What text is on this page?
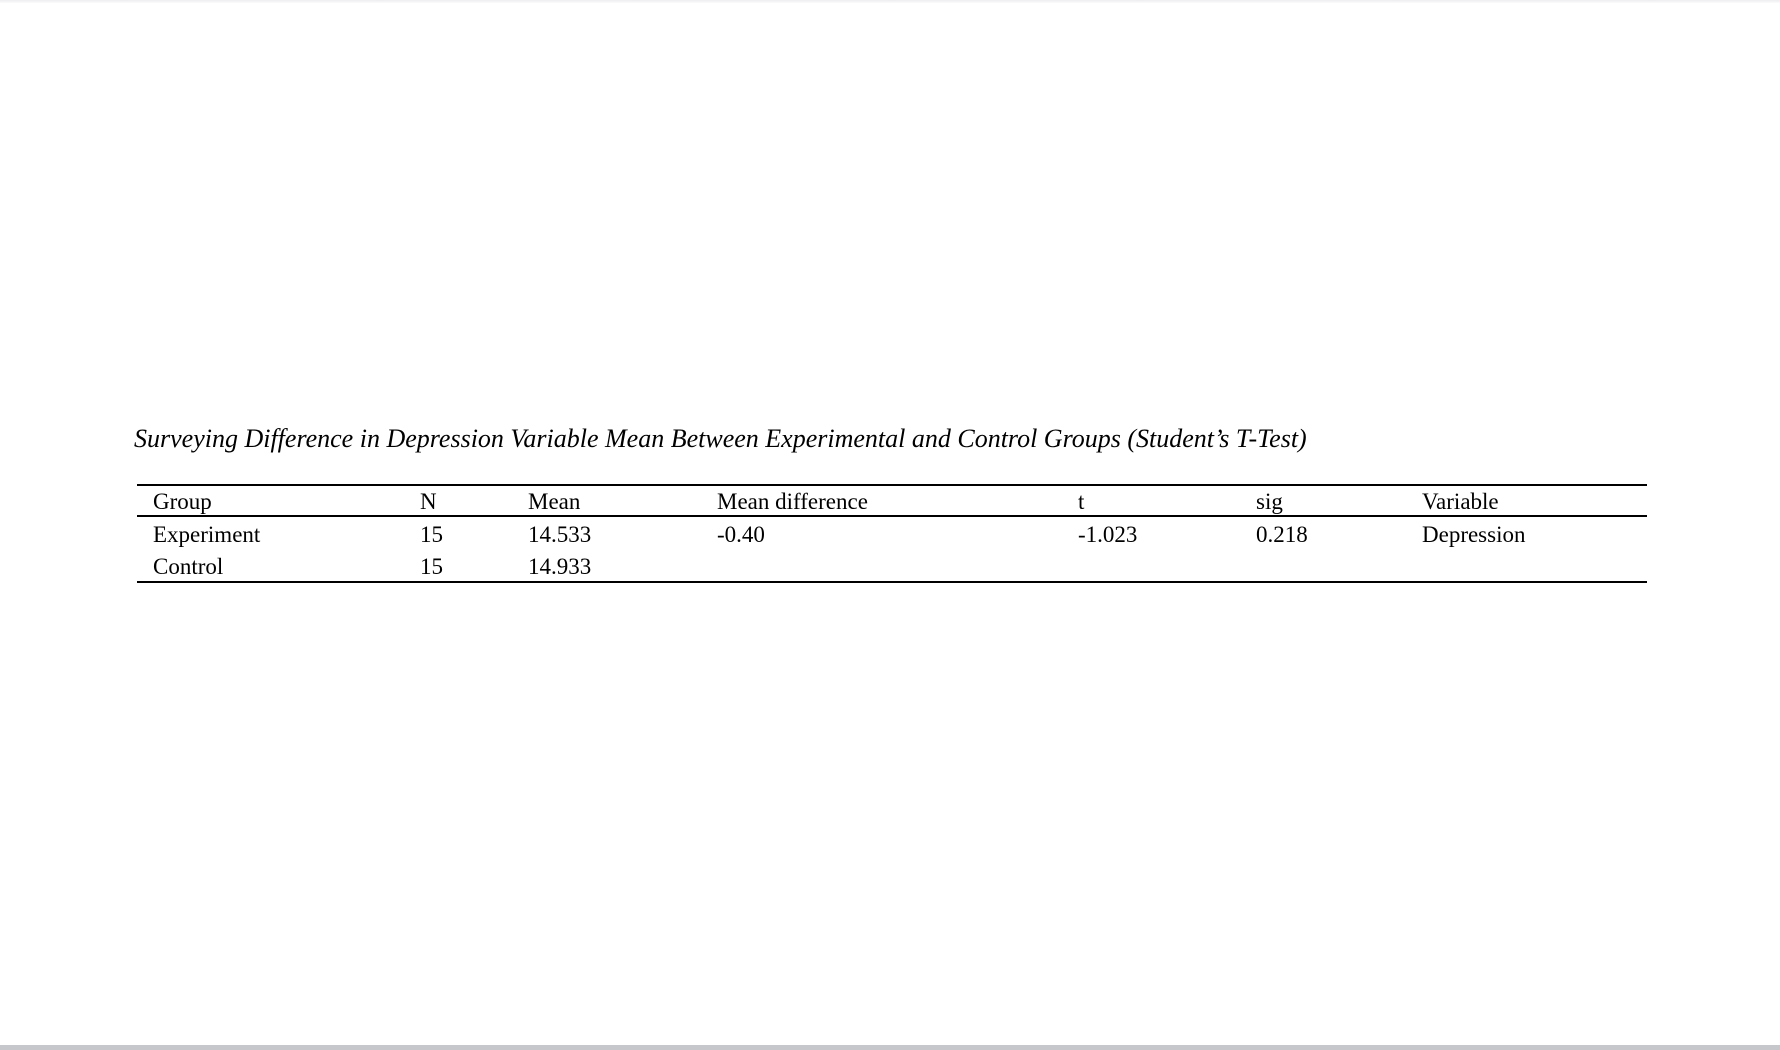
Surveying Difference in Depression Variable Mean Between Experimental and Control Groups (Student’s T-Test)

Group	N	Mean	Mean difference	t	sig	Variable
Experiment	15	14.533	-0.40	-1.023	0.218	Depression
Control	15	14.933				
